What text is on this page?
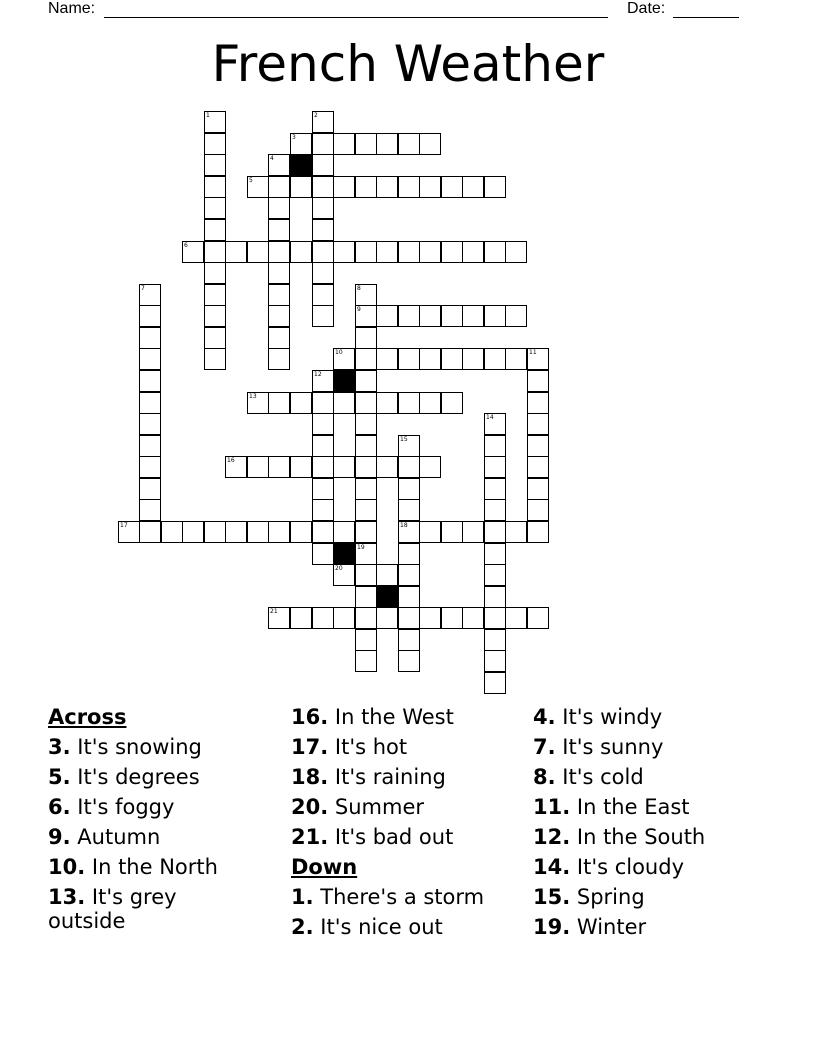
Name:	Date:
French Weather
1	2
3
4
5
6
7	8
9
10	11
12
13
14
15
16
17	18
19
20
21
Across
3. It's snowing
5. It's degrees
6. It's foggy
9. Autumn
10. In the North
13. It's grey outside
16. In the West
17. It's hot
18. It's raining
20. Summer
21. It's bad out
Down
1. There's a storm
2. It's nice out
4. It's windy
7. It's sunny
8. It's cold
11. In the East
12. In the South
14. It's cloudy
15. Spring
19. Winter
